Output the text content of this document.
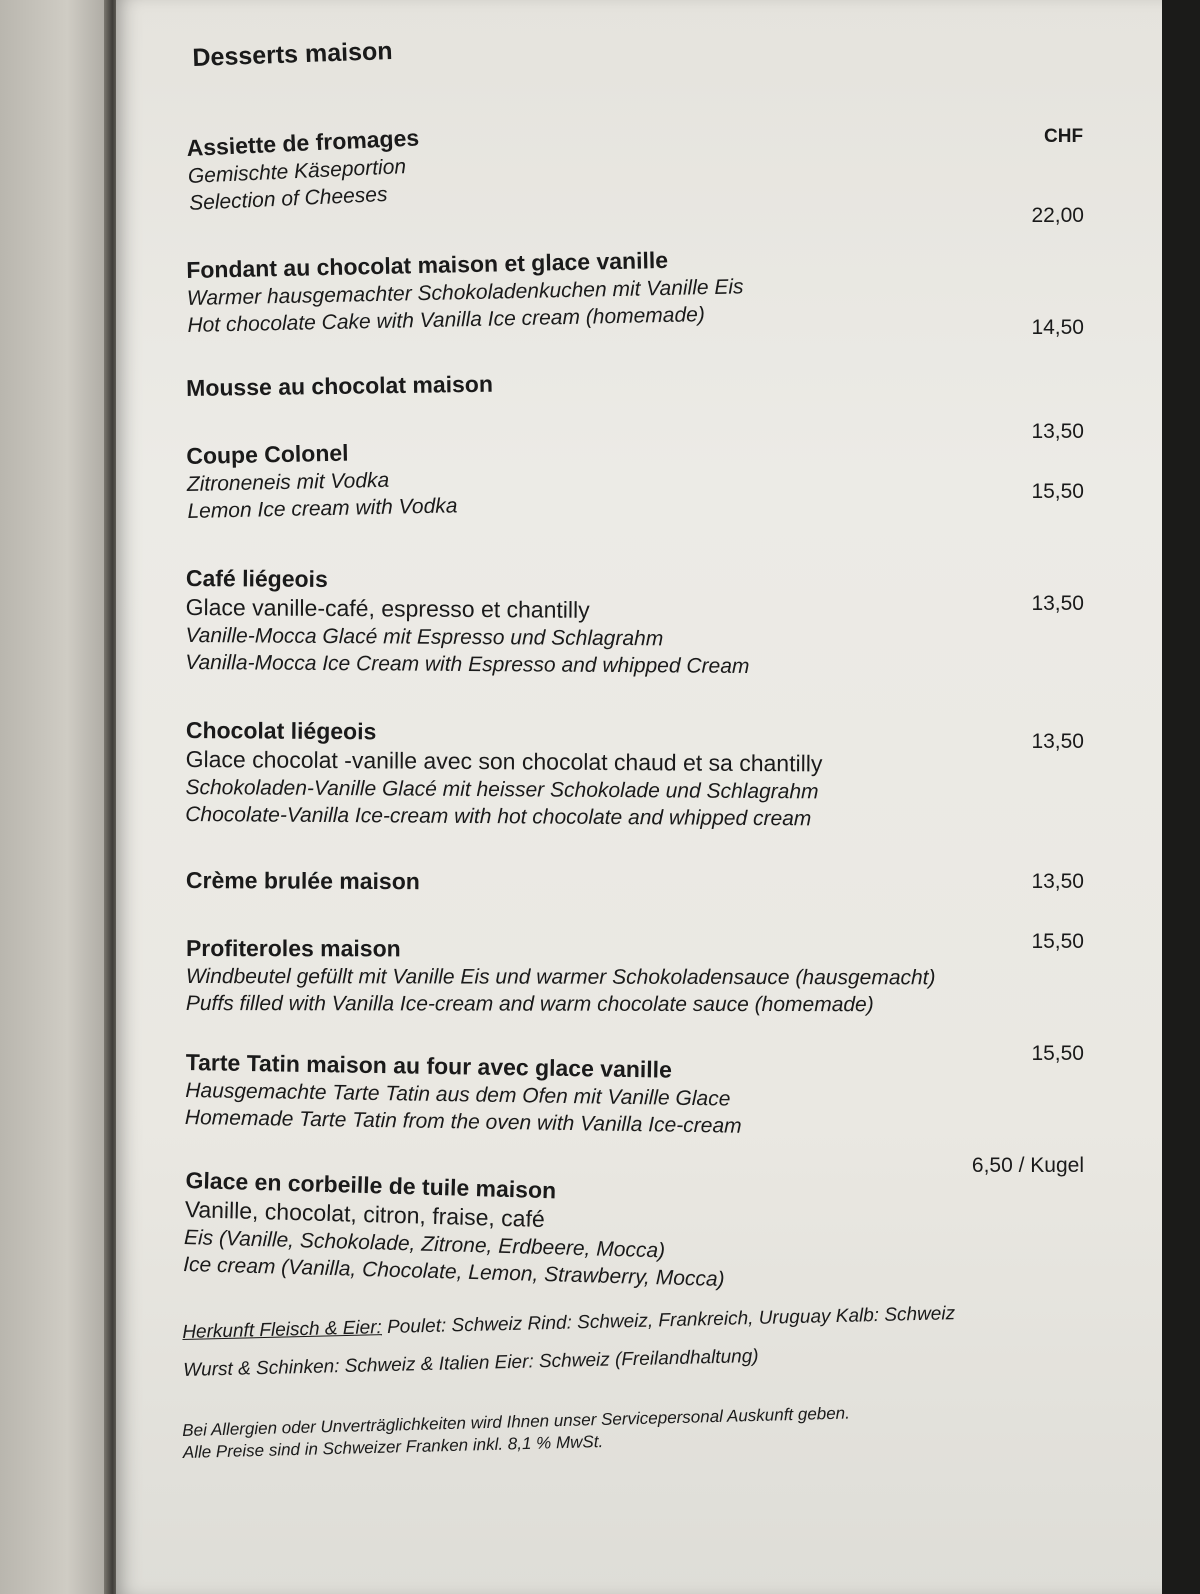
Desserts maison
CHF
Assiette de fromages
Gemischte Käseportion
Selection of Cheeses
22,00
Fondant au chocolat maison et glace vanille
Warmer hausgemachter Schokoladenkuchen mit Vanille Eis
Hot chocolate Cake with Vanilla Ice cream (homemade)	14,50
Mousse au chocolat maison
13,50
Coupe Colonel
Zitroneneis mit Vodka
Lemon Ice cream with Vodka
15,50
Café liégeois
Glace vanille-café, espresso et chantilly
Vanille-Mocca Glacé mit Espresso und Schlagrahm
Vanilla-Mocca Ice Cream with Espresso and whipped Cream
13,50
Chocolat liégeois
Glace chocolat -vanille avec son chocolat chaud et sa chantilly
Schokoladen-Vanille Glacé mit heisser Schokolade und Schlagrahm
Chocolate-Vanilla Ice-cream with hot chocolate and whipped cream
13,50
Crème brulée maison	13,50
Profiteroles maison
Windbeutel gefüllt mit Vanille Eis und warmer Schokoladensauce (hausgemacht)
Puffs filled with Vanilla Ice-cream and warm chocolate sauce (homemade)
15,50
Tarte Tatin maison au four avec glace vanille
Hausgemachte Tarte Tatin aus dem Ofen mit Vanille Glace
Homemade Tarte Tatin from the oven with Vanilla Ice-cream
15,50
Glace en corbeille de tuile maison
Vanille, chocolat, citron, fraise, café
Eis (Vanille, Schokolade, Zitrone, Erdbeere, Mocca)
Ice cream (Vanilla, Chocolate, Lemon, Strawberry, Mocca)
6,50 / Kugel
Herkunft Fleisch & Eier: Poulet: Schweiz Rind: Schweiz, Frankreich, Uruguay Kalb: Schweiz
Wurst & Schinken: Schweiz & Italien Eier: Schweiz (Freilandhaltung)
Bei Allergien oder Unverträglichkeiten wird Ihnen unser Servicepersonal Auskunft geben.
Alle Preise sind in Schweizer Franken inkl. 8,1 % MwSt.
